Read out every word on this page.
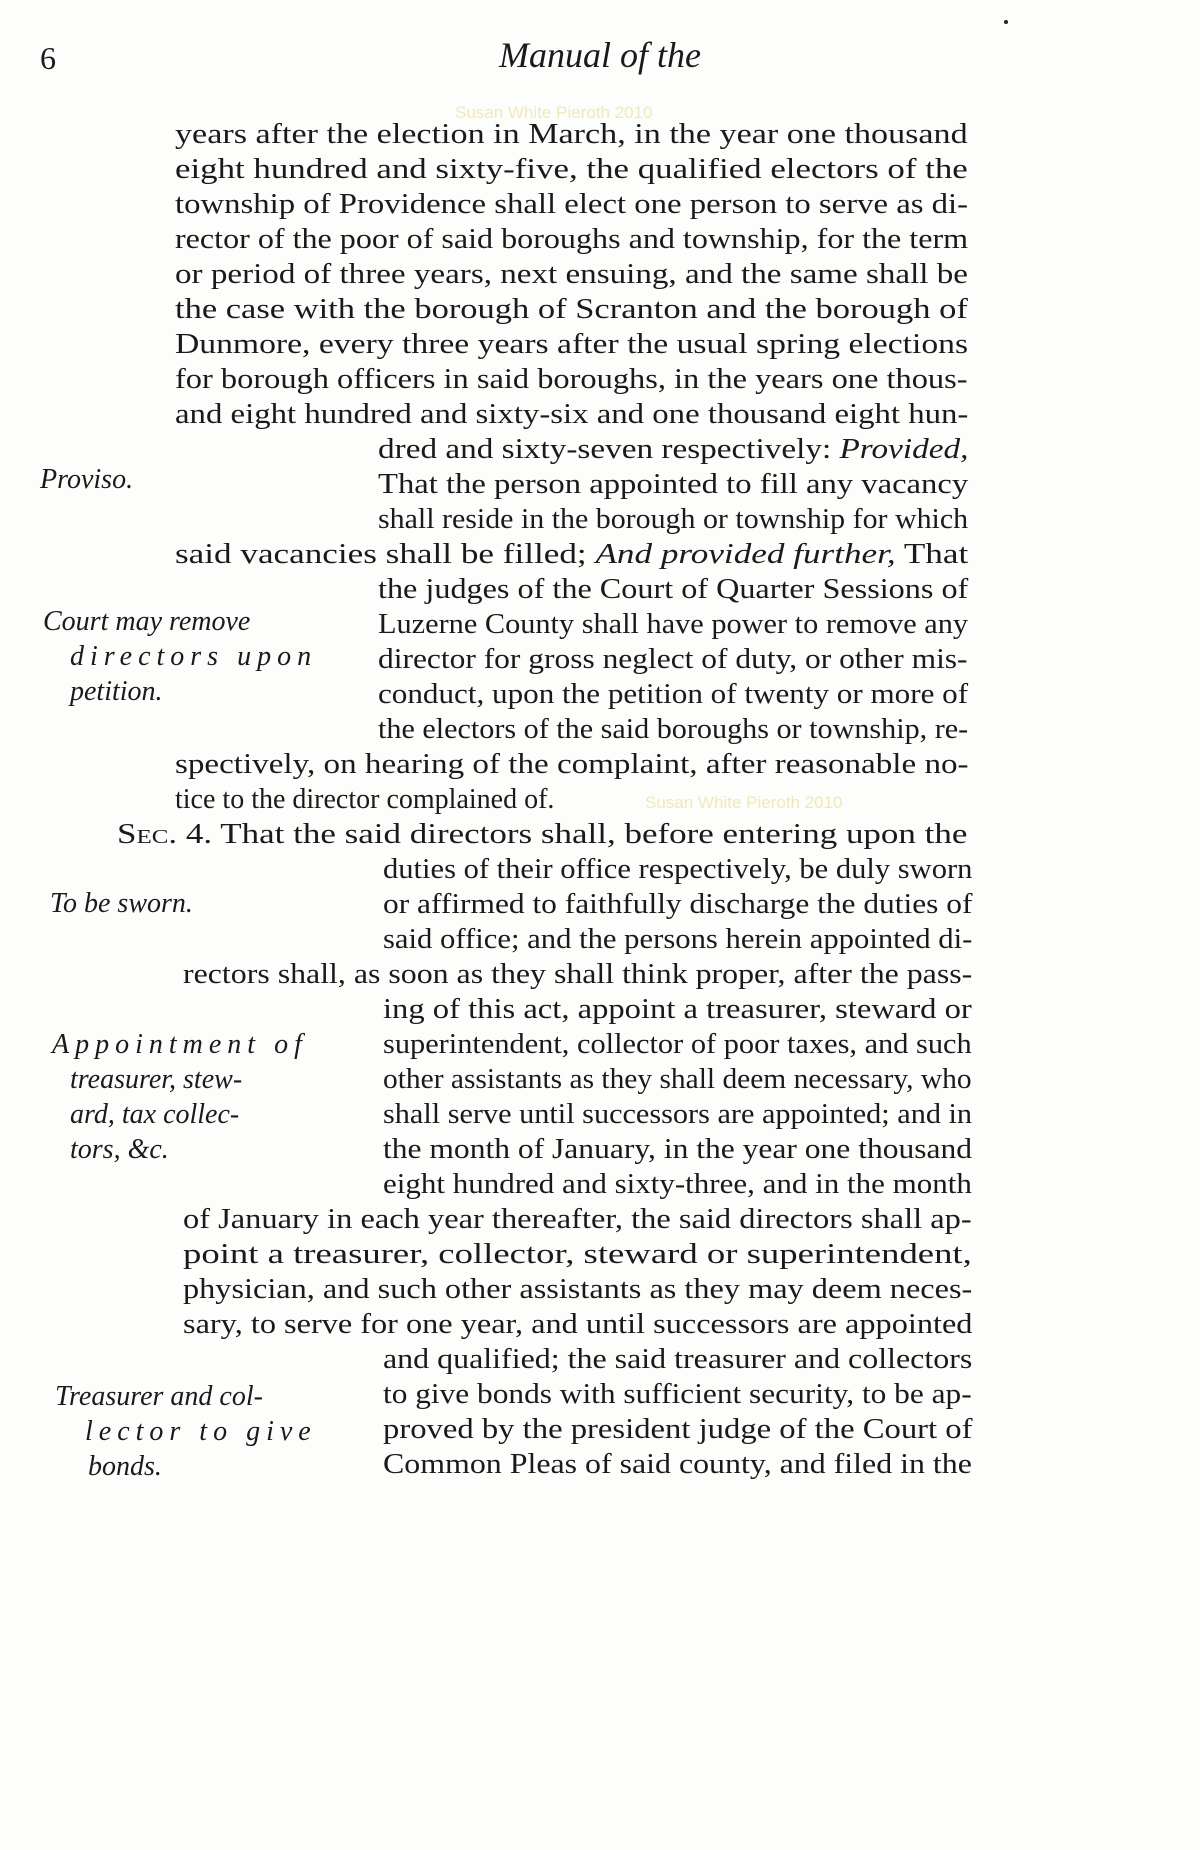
6	Manual of the
Susan White Pieroth 2010
Susan White Pieroth 2010
years after the election in March, in the year one thousand
eight hundred and sixty-five, the qualified electors of the
township of Providence shall elect one person to serve as di-
rector of the poor of said boroughs and township, for the term
or period of three years, next ensuing, and the same shall be
the case with the borough of Scranton and the borough of
Dunmore, every three years after the usual spring elections
for borough officers in said boroughs, in the years one thous-
and eight hundred and sixty-six and one thousand eight hun-
dred and sixty-seven respectively: Provided,
That the person appointed to fill any vacancy
shall reside in the borough or township for which
said vacancies shall be filled; And provided further, That
the judges of the Court of Quarter Sessions of
Luzerne County shall have power to remove any
director for gross neglect of duty, or other mis-
conduct, upon the petition of twenty or more of
the electors of the said boroughs or township, re-
spectively, on hearing of the complaint, after reasonable no-
tice to the director complained of.
Sec. 4. That the said directors shall, before entering upon the
duties of their office respectively, be duly sworn
or affirmed to faithfully discharge the duties of
said office; and the persons herein appointed di-
rectors shall, as soon as they shall think proper, after the pass-
ing of this act, appoint a treasurer, steward or
superintendent, collector of poor taxes, and such
other assistants as they shall deem necessary, who
shall serve until successors are appointed; and in
the month of January, in the year one thousand
eight hundred and sixty-three, and in the month
of January in each year thereafter, the said directors shall ap-
point a treasurer, collector, steward or superintendent,
physician, and such other assistants as they may deem neces-
sary, to serve for one year, and until successors are appointed
and qualified; the said treasurer and collectors
to give bonds with sufficient security, to be ap-
proved by the president judge of the Court of
Common Pleas of said county, and filed in the
Proviso.
Court may remove
directors upon
petition.
To be sworn.
Appointment of
treasurer, stew-
ard, tax collec-
tors, &c.
Treasurer and col-
lector to give
bonds.
